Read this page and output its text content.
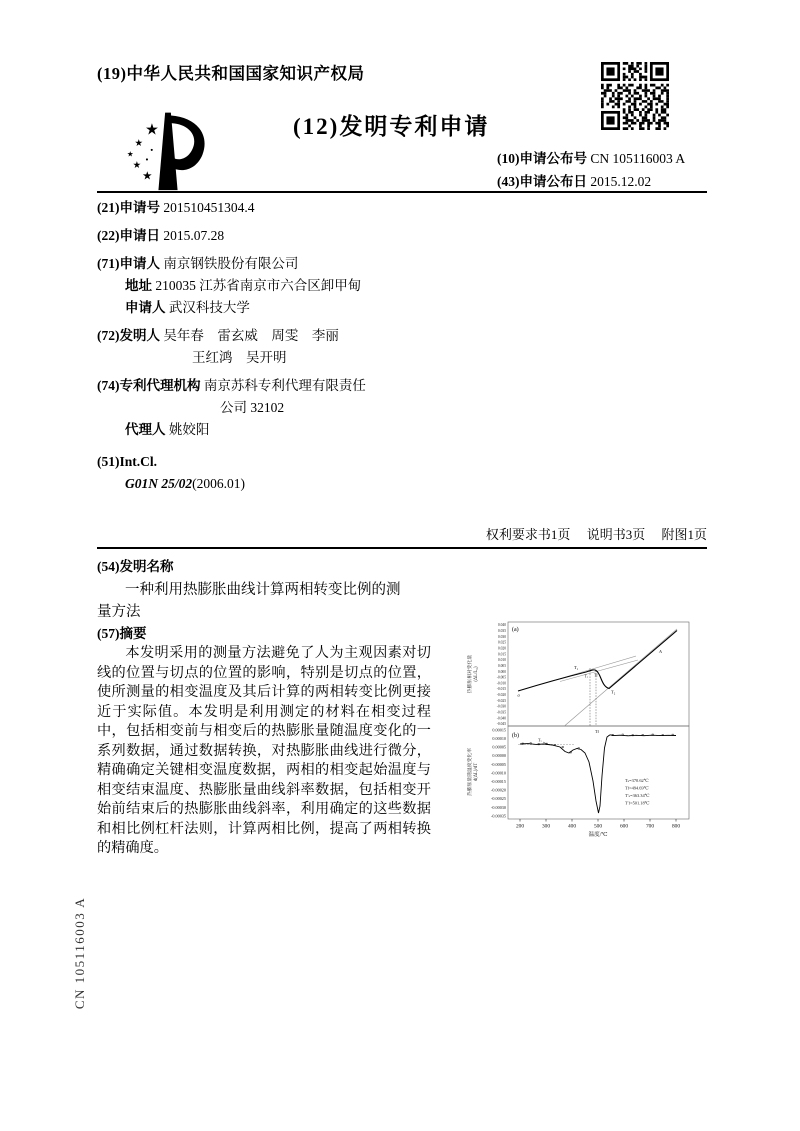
(19)中华人民共和国国家知识产权局
★
★
★
★
★
(12)发明专利申请
(10)申请公布号 CN 105116003 A
(43)申请公布日 2015.12.02
(21)申请号 201510451304.4
(22)申请日 2015.07.28
(71)申请人 南京钢铁股份有限公司
地址 210035 江苏省南京市六合区卸甲甸
申请人 武汉科技大学
(72)发明人 吴年春　雷玄威　周雯　李丽
王红鸿　吴开明
(74)专利代理机构 南京苏科专利代理有限责任
公司 32102
代理人 姚姣阳
(51)Int.Cl.
G01N 25/02(2006.01)
权利要求书1页　 说明书3页　 附图1页
(54)发明名称
一种利用热膨胀曲线计算两相转变比例的测
量方法
(57)摘要
本发明采用的测量方法避免了人为主观因素对切线的位置与切点的位置的影响，特别是切点的位置，使所测量的相变温度及其后计算的两相转变比例更接近于实际值。本发明是利用测定的材料在相变过程中，包括相变前与相变后的热膨胀量随温度变化的一系列数据，通过数据转换，对热膨胀曲线进行微分，精确确定关键相变温度数据，两相的相变起始温度与相变结束温度、热膨胀量曲线斜率数据，包括相变开始前结束后的热膨胀曲线斜率，利用确定的这些数据和相比例杠杆法则，计算两相比例，提高了两相转换的精确度。
热膨胀相对变化量 (ΔL/L₀)
热膨胀量随温度变化率 d(ΔL)/dT
0.040
0.035
0.030
0.025
0.020
0.015
0.010
0.005
0.000
-0.005
-0.010
-0.015
-0.020
-0.025
-0.030
-0.035
-0.040
-0.045
(a)
T₁
Tₛ Tf
T₂
a
A
0.00015
0.00010
0.00005
0.00000
-0.00005
-0.00010
-0.00015
-0.00020
-0.00025
-0.00030
-0.00035
(b)
Tₛ
Tf
Tₛ=370.62℃
Tf=494.69℃
T′ₛ=363.34℃
T′f=501.18℃
200	300	400	500	600	700	800
温度/℃
CN 105116003 A
